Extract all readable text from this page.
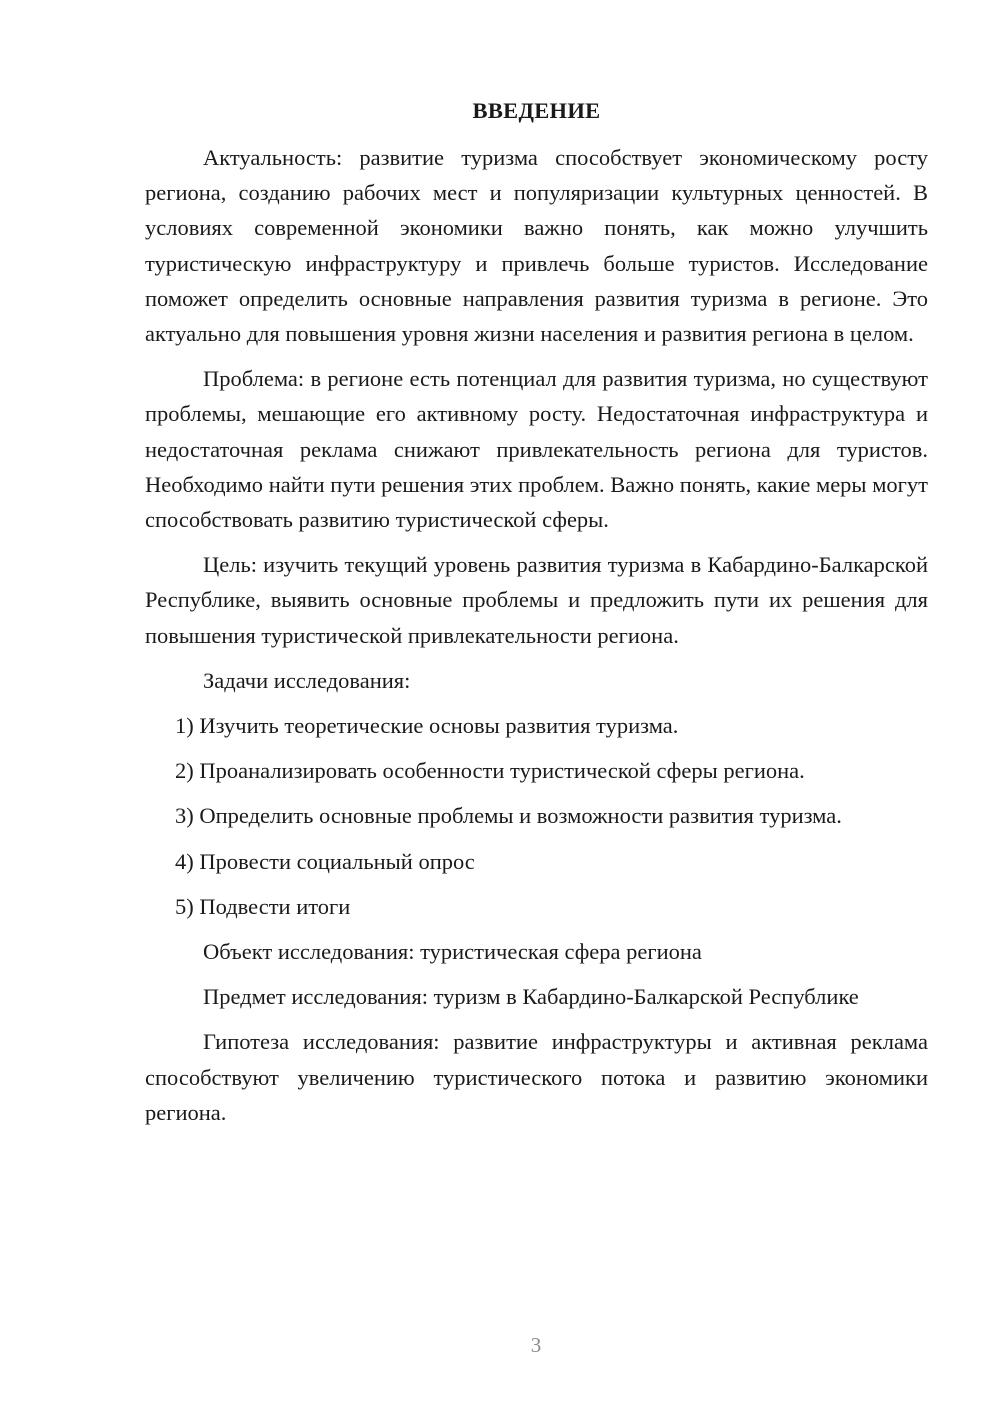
ВВЕДЕНИЕ

Актуальность: развитие туризма способствует экономическому росту региона, созданию рабочих мест и популяризации культурных ценностей. В условиях современной экономики важно понять, как можно улучшить туристическую инфраструктуру и привлечь больше туристов. Исследование поможет определить основные направления развития туризма в регионе. Это актуально для повышения уровня жизни населения и развития региона в целом.

Проблема: в регионе есть потенциал для развития туризма, но существуют проблемы, мешающие его активному росту. Недостаточная инфраструктура и недостаточная реклама снижают привлекательность региона для туристов. Необходимо найти пути решения этих проблем. Важно понять, какие меры могут способствовать развитию туристической сферы.

Цель: изучить текущий уровень развития туризма в Кабардино-Балкарской Республике, выявить основные проблемы и предложить пути их решения для повышения туристической привлекательности региона.

Задачи исследования:

1) Изучить теоретические основы развития туризма.
2) Проанализировать особенности туристической сферы региона.
3) Определить основные проблемы и возможности развития туризма.
4) Провести социальный опрос
5) Подвести итоги

Объект исследования: туристическая сфера региона

Предмет исследования: туризм в Кабардино-Балкарской Республике

Гипотеза исследования: развитие инфраструктуры и активная реклама способствуют увеличению туристического потока и развитию экономики региона.

3
